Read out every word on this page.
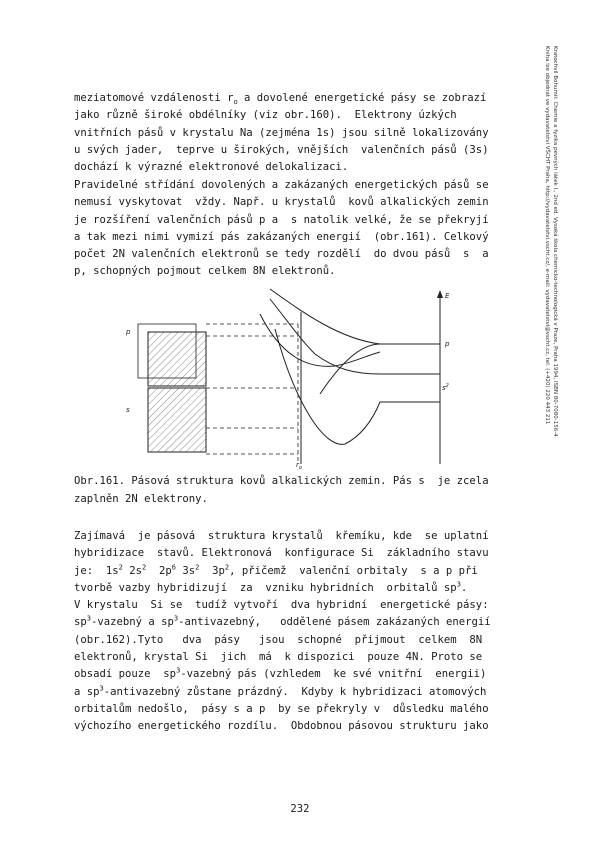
Kratochvil Bohumil: Chemie a fyzika pevných látek I., 2nd ed. Vysoká škola chemicko-technologická v Praze, Praha 1994, ISBN 80-7080-156-4
Kniha lze objednat ve vydavatelství VŠCHT Praha, http://vydavatelstvi.vscht.cz/, e-mail: vydavatelstvi@vscht.cz, tel. (+420) 220 443 211

meziatomové vzdálenosti $r_o$ a dovolené energetické pásy se zobrazí
jako různě široké obdélníky (viz obr.160).  Elektrony úzkých
vnitřních pásů v krystalu Na (zejména 1s) jsou silně lokalizovány
u svých jader,  teprve u širokých, vnějších  valenčních pásů (3s)
dochází k výrazné elektronové delokalizaci.

Pravidelné střídání dovolených a zakázaných energetických pásů se
nemusí vyskytovat  vždy. Např. u krystalů  kovů alkalických zemin
je rozšíření valenčních pásů p a  s natolik velké, že se překryjí
a tak mezi nimi vymizí pás zakázaných energií  (obr.161). Celkový
počet 2N valenčních elektronů se tedy rozdělí  do dvou pásů  s  a
p, schopných pojmout celkem 8N elektronů.

p
s
E
p
$s^2$
$r_o$

Obr.161. Pásová struktura kovů alkalických zemin. Pás s  je zcela
zaplněn 2N elektrony.

Zajímavá  je pásová  struktura krystalů  křemíku, kde  se uplatní
hybridizace  stavů. Elektronová  konfigurace Si  základního stavu
je:  $1s^2$ $2s^2$  $2p^6$ $3s^2$  $3p^2$, přičemž  valenční orbitaly  s a p při
tvorbě vazby hybridizují  za  vzniku hybridních  orbitalů $sp^3$.
V krystalu  Si se  tudíž vytvoří  dva hybridní  energetické pásy:
$sp^3$-vazebný a $sp^3$-antivazebný,   oddělené pásem zakázaných energií
(obr.162).Tyto   dva  pásy   jsou  schopné  přijmout  celkem  8N
elektronů, krystal Si  jich  má  k dispozici  pouze 4N. Proto se
obsadí pouze  $sp^3$-vazebný pás (vzhledem  ke své vnitřní  energii)
a $sp^3$-antivazebný zůstane prázdný.  Kdyby k hybridizaci atomových
orbitalům nedošlo,  pásy s a p  by se překryly v  důsledku malého
výchozího energetického rozdílu.  Obdobnou pásovou strukturu jako

232
